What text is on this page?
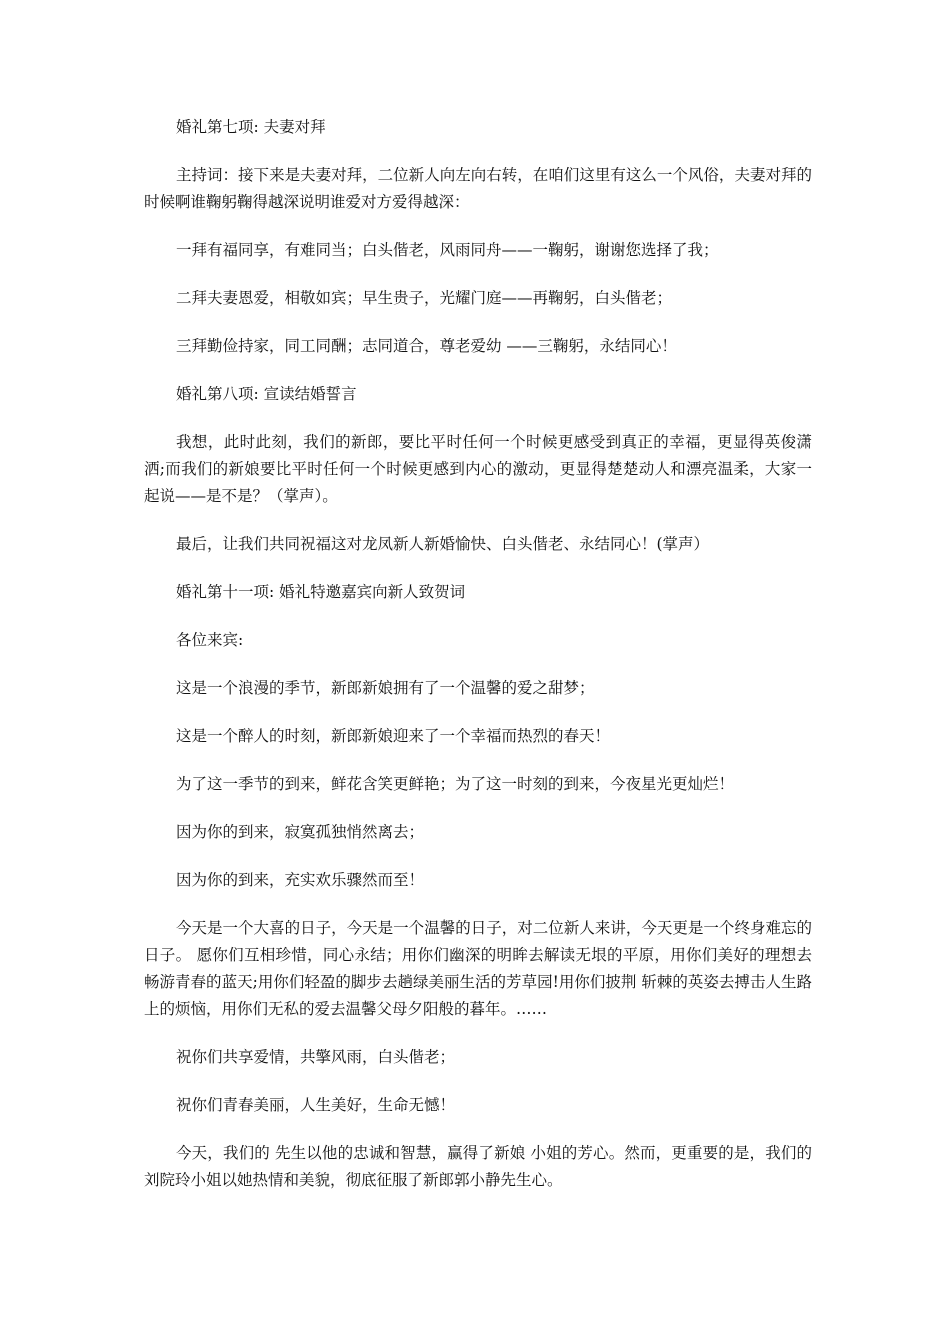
婚礼第七项: 夫妻对拜

主持词：接下来是夫妻对拜，二位新人向左向右转，在咱们这里有这么一个风俗，夫妻对拜的时候啊谁鞠躬鞠得越深说明谁爱对方爱得越深：

一拜有福同享，有难同当；白头偕老，风雨同舟——一鞠躬，谢谢您选择了我；

二拜夫妻恩爱，相敬如宾；早生贵子，光耀门庭——再鞠躬，白头偕老；

三拜勤俭持家，同工同酬；志同道合，尊老爱幼 ——三鞠躬，永结同心！

婚礼第八项: 宣读结婚誓言

我想，此时此刻，我们的新郎，要比平时任何一个时候更感受到真正的幸福，更显得英俊潇洒;而我们的新娘要比平时任何一个时候更感到内心的激动，更显得楚楚动人和漂亮温柔，大家一起说——是不是？（掌声）。

最后，让我们共同祝福这对龙凤新人新婚愉快、白头偕老、永结同心！(掌声）

婚礼第十一项: 婚礼特邀嘉宾向新人致贺词

各位来宾:

这是一个浪漫的季节，新郎新娘拥有了一个温馨的爱之甜梦；

这是一个醉人的时刻，新郎新娘迎来了一个幸福而热烈的春天！

为了这一季节的到来，鲜花含笑更鲜艳；为了这一时刻的到来，今夜星光更灿烂！

因为你的到来，寂寞孤独悄然离去；

因为你的到来，充实欢乐骤然而至！

今天是一个大喜的日子，今天是一个温馨的日子，对二位新人来讲，今天更是一个终身难忘的日子。 愿你们互相珍惜，同心永结；用你们幽深的明眸去解读无垠的平原，用你们美好的理想去畅游青春的蓝天;用你们轻盈的脚步去趟绿美丽生活的芳草园!用你们披荆 斩棘的英姿去搏击人生路上的烦恼，用你们无私的爱去温馨父母夕阳般的暮年。……

祝你们共享爱情，共擎风雨，白头偕老；

祝你们青春美丽，人生美好，生命无憾！

今天，我们的 先生以他的忠诚和智慧，赢得了新娘 小姐的芳心。然而，更重要的是，我们的刘院玲小姐以她热情和美貌，彻底征服了新郎郭小静先生心。
